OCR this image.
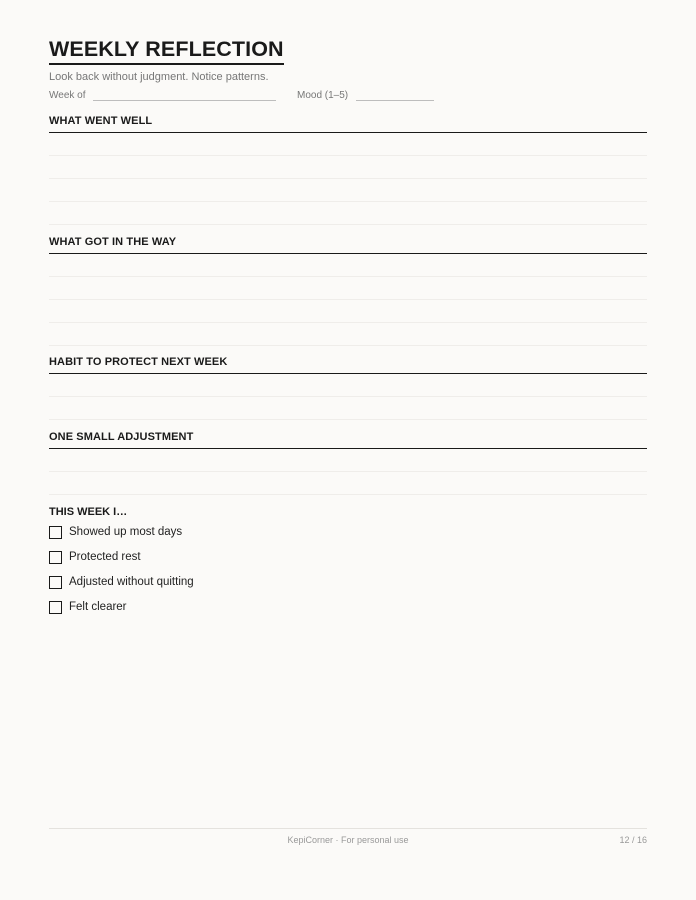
WEEKLY REFLECTION
Look back without judgment. Notice patterns.
Week of	Mood (1–5)
WHAT WENT WELL
WHAT GOT IN THE WAY
HABIT TO PROTECT NEXT WEEK
ONE SMALL ADJUSTMENT
THIS WEEK I…
Showed up most days
Protected rest
Adjusted without quitting
Felt clearer
KepiCorner · For personal use	12 / 16
